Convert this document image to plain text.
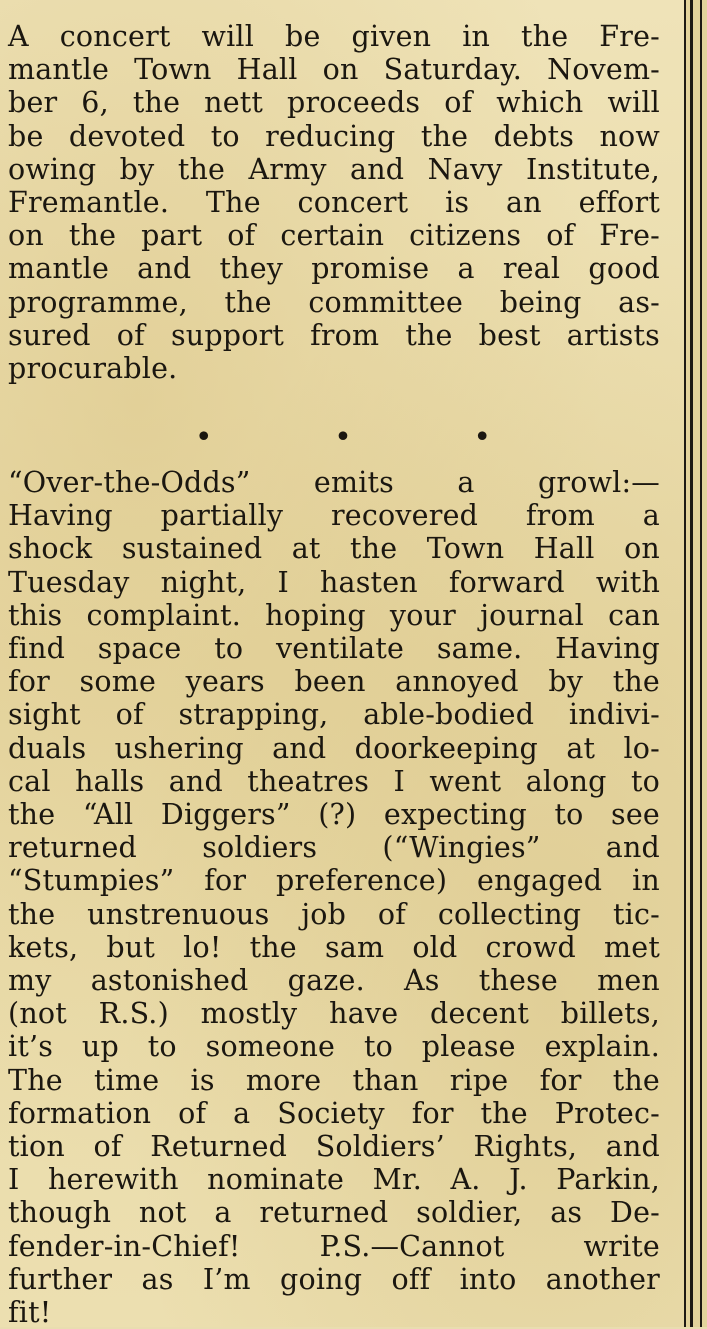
A concert will be given in the Fre-
mantle Town Hall on Saturday. Novem-
ber 6, the nett proceeds of which will
be devoted to reducing the debts now
owing by the Army and Navy Institute,
Fremantle. The concert is an effort
on the part of certain citizens of Fre-
mantle and they promise a real good
programme, the committee being as-
sured of support from the best artists
procurable.

• • •

“Over-the-Odds” emits a growl:—
Having partially recovered from a
shock sustained at the Town Hall on
Tuesday night, I hasten forward with
this complaint. hoping your journal can
find space to ventilate same. Having
for some years been annoyed by the
sight of strapping, able-bodied indivi-
duals ushering and doorkeeping at lo-
cal halls and theatres I went along to
the “All Diggers” (?) expecting to see
returned soldiers (“Wingies” and
“Stumpies” for preference) engaged in
the unstrenuous job of collecting tic-
kets, but lo! the sam old crowd met
my astonished gaze. As these men
(not R.S.) mostly have decent billets,
it’s up to someone to please explain.
The time is more than ripe for the
formation of a Society for the Protec-
tion of Returned Soldiers’ Rights, and
I herewith nominate Mr. A. J. Parkin,
though not a returned soldier, as De-
fender-in-Chief! P.S.—Cannot write
further as I’m going off into another
fit!
